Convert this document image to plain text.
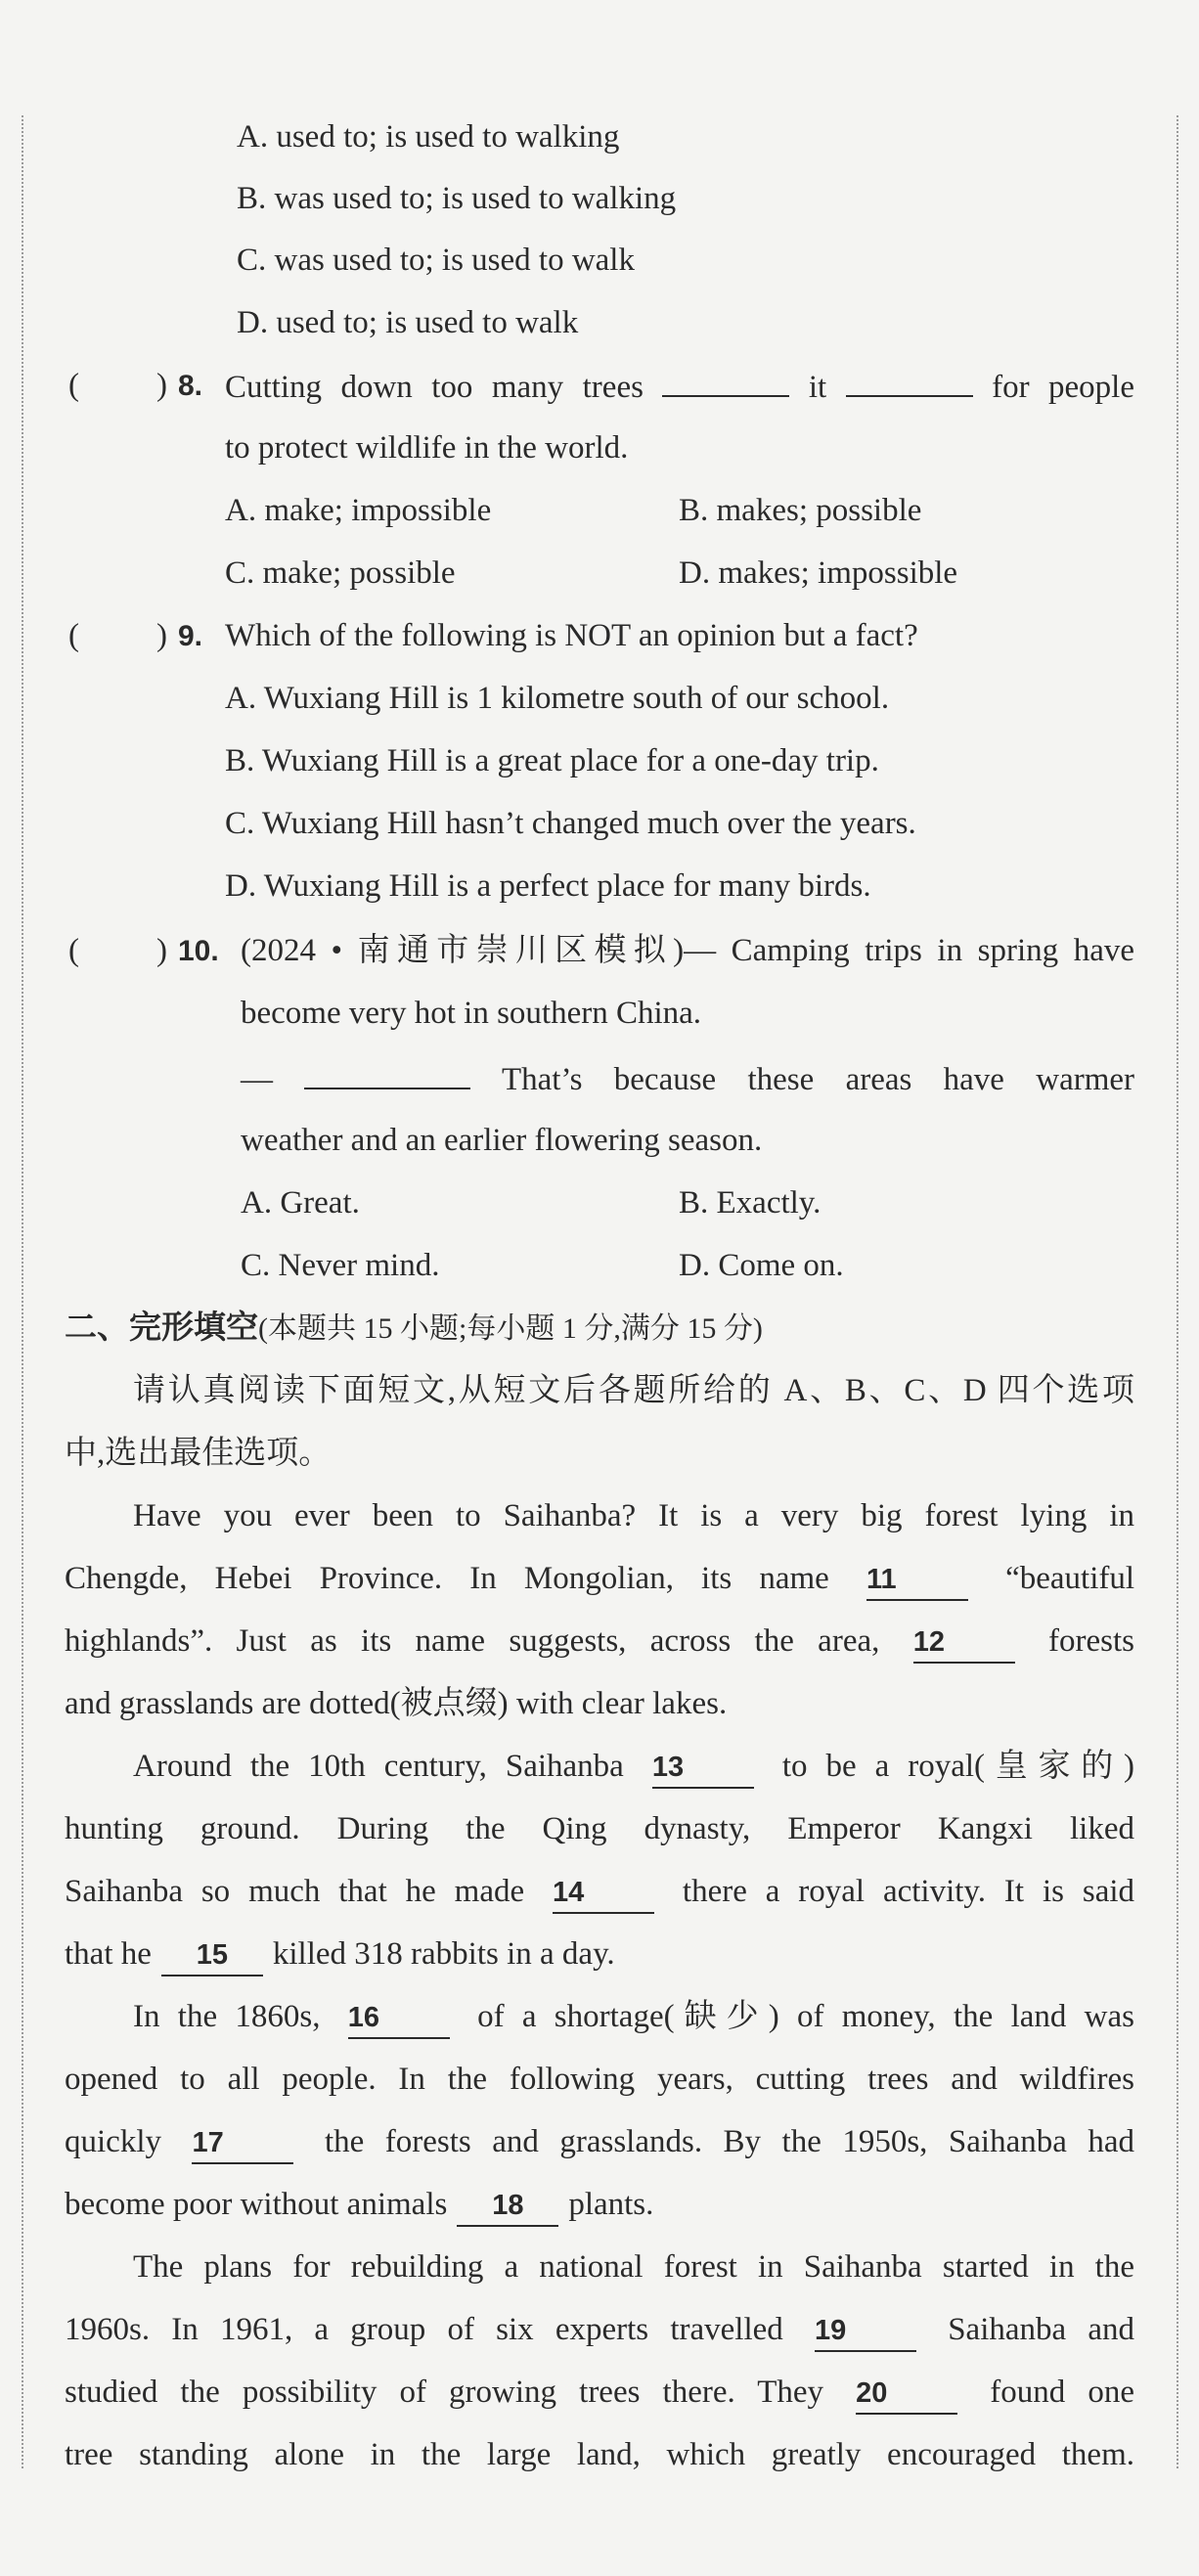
A. used to; is used to walking
B. was used to; is used to walking
C. was used to; is used to walk
D. used to; is used to walk
( ) 8. Cutting down too many trees	it	for people
to protect wildlife in the world.
A. make; impossible	B. makes; possible
C. make; possible	D. makes; impossible
( ) 9. Which of the following is NOT an opinion but a fact?
A. Wuxiang Hill is 1 kilometre south of our school.
B. Wuxiang Hill is a great place for a one-day trip.
C. Wuxiang Hill hasn’t changed much over the years.
D. Wuxiang Hill is a perfect place for many birds.
( ) 10. (2024 • 南通市崇川区模拟)— Camping trips in spring have
become very hot in southern China.
—	That’s because these areas have warmer
weather and an earlier flowering season.
A. Great.	B. Exactly.
C. Never mind.	D. Come on.
二、完形填空(本题共 15 小题;每小题 1 分,满分 15 分)
请认真阅读下面短文,从短文后各题所给的 A、B、C、D 四个选项
中,选出最佳选项。
Have you ever been to Saihanba? It is a very big forest lying in
Chengde, Hebei Province. In Mongolian, its name 11	“beautiful
highlands”. Just as its name suggests, across the area, 12	forests
and grasslands are dotted(被点缀) with clear lakes.
Around the 10th century, Saihanba 13	to be a royal(皇家的)
hunting ground. During the Qing dynasty, Emperor Kangxi liked
Saihanba so much that he made 14	there a royal activity. It is said
that he 15 killed 318 rabbits in a day.
In the 1860s, 16	of a shortage(缺少) of money, the land was
opened to all people. In the following years, cutting trees and wildfires
quickly 17	the forests and grasslands. By the 1950s, Saihanba had
become poor without animals 18 plants.
The plans for rebuilding a national forest in Saihanba started in the
1960s. In 1961, a group of six experts travelled 19	Saihanba and
studied the possibility of growing trees there. They 20	found one
tree standing alone in the large land, which greatly encouraged them.
